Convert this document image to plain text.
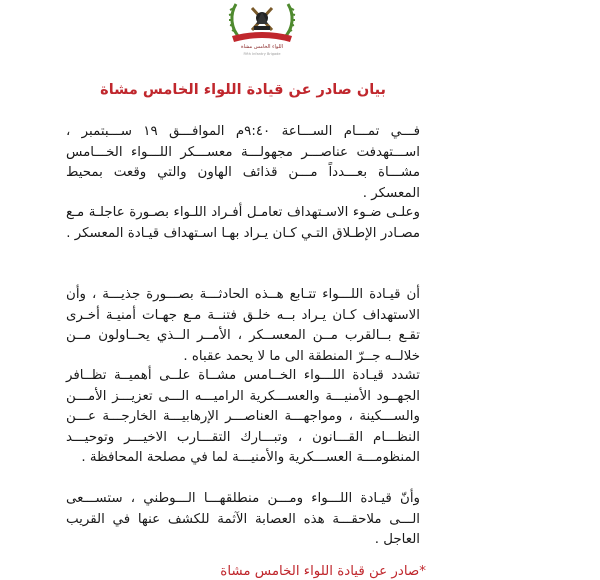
اللواء الخامس مشاة
Fifth Infantry Brigade
بيان صادر عن قيادة اللواء الخامس مشاة

فـــي تمـــام الســـاعة ٩:٤٠م الموافـــق ١٩ ســـبتمبر ، اســـتهدفت عناصـــر مجهولـــة معســـكر اللـــواء الخـــامس مشـــاة بعـــدداً مـــن قذائف الهاون والتي وقعت بمحيط المعسكر .

وعلـى ضـوء الاسـتهداف تعامـل أفـراد اللـواء بصـورة عاجلـة مـع مصـادر الإطـلاق التـي كـان يـراد بهـا اسـتهداف قيـادة المعسكر .

أن قيـادة اللـــواء تتـابع هــذه الحادثـــة بصـــورة جذيـــة ، وأن الاستهداف كـان يـراد بــه خلـق فتنــة مـع جهـات أمنيـة أخـرى تقـع بــالقرب مــن المعســكر ، الأمــر الــذي يحــاولون مــن خلالــه جــرّ المنطقة الى ما لا يحمد عقباه .

تشدد قيـادة اللـــواء الخــامس مشــاة علــى أهميــة تظــافر الجهــود الأمنيـــة والعســـكرية الراميـــه الـــى تعزيـــز الأمـــن والســـكينة ، ومواجهـــة العناصـــر الإرهابيـــة الخارجـــة عـــن النظـــام القـــانون ، وتبـــارك التقـــارب الاخيـــر وتوحيـــد المنظومـــة العســـكرية والأمنيـــة لما في مصلحة المحافظة .

وأنّ قيـادة اللـــواء ومـــن منطلقهـــا الـــوطني ، ستســـعى الـــى ملاحقـــة هذه العصابة الآثمة للكشف عنها في القريب العاجل .

*صادر عن قيادة اللواء الخامس مشاة
